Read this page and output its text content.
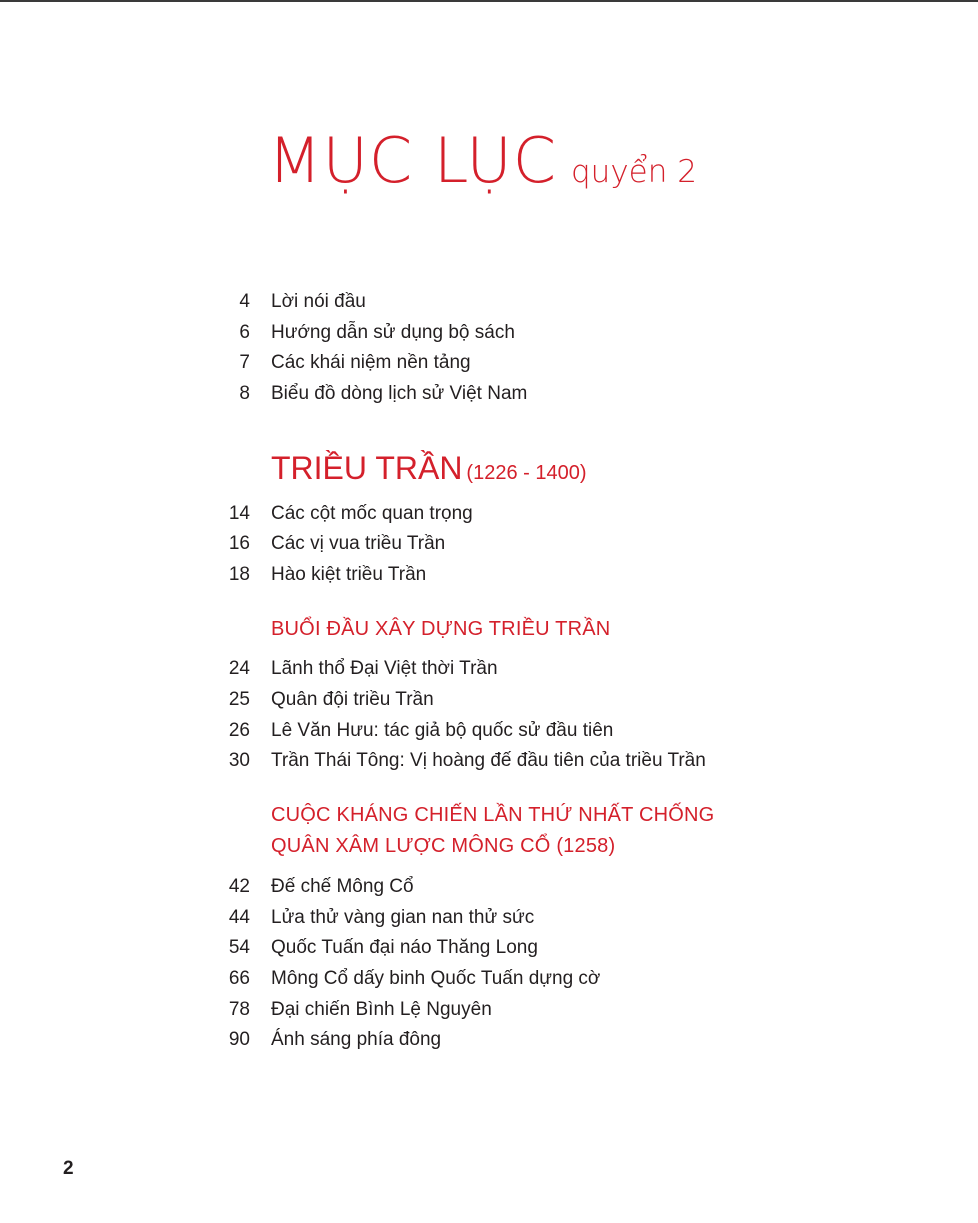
MỤC LỤC quyển 2
4 Lời nói đầu
6 Hướng dẫn sử dụng bộ sách
7 Các khái niệm nền tảng
8 Biểu đồ dòng lịch sử Việt Nam
TRIỀU TRẦN (1226 - 1400)
14 Các cột mốc quan trọng
16 Các vị vua triều Trần
18 Hào kiệt triều Trần
BUỔI ĐẦU XÂY DỰNG TRIỀU TRẦN
24 Lãnh thổ Đại Việt thời Trần
25 Quân đội triều Trần
26 Lê Văn Hưu: tác giả bộ quốc sử đầu tiên
30 Trần Thái Tông: Vị hoàng đế đầu tiên của triều Trần
CUỘC KHÁNG CHIẾN LẦN THỨ NHẤT CHỐNG
QUÂN XÂM LƯỢC MÔNG CỔ (1258)
42 Đế chế Mông Cổ
44 Lửa thử vàng gian nan thử sức
54 Quốc Tuấn đại náo Thăng Long
66 Mông Cổ dấy binh Quốc Tuấn dựng cờ
78 Đại chiến Bình Lệ Nguyên
90 Ánh sáng phía đông
2
